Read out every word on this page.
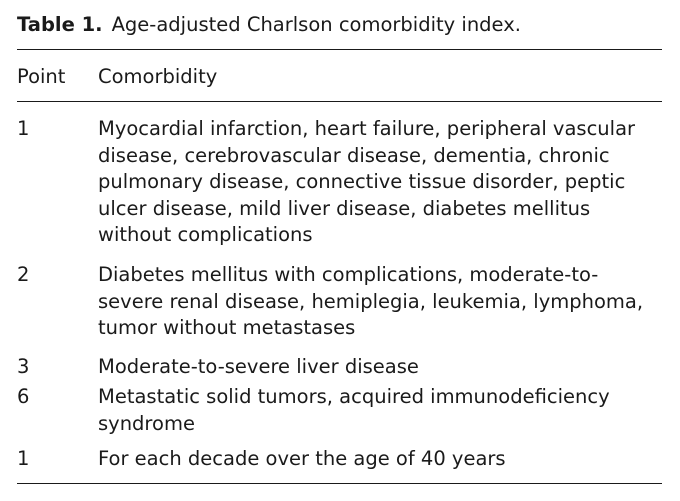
Table 1. Age-adjusted Charlson comorbidity index.
Point	Comorbidity
1	Myocardial infarction, heart failure, peripheral vascular disease, cerebrovascular disease, dementia, chronic pulmonary disease, connective tissue disorder, peptic ulcer disease, mild liver disease, diabetes mellitus without complications
2	Diabetes mellitus with complications, moderate-to-severe renal disease, hemiplegia, leukemia, lymphoma, tumor without metastases
3	Moderate-to-severe liver disease
6	Metastatic solid tumors, acquired immunodeficiency syndrome
1	For each decade over the age of 40 years
